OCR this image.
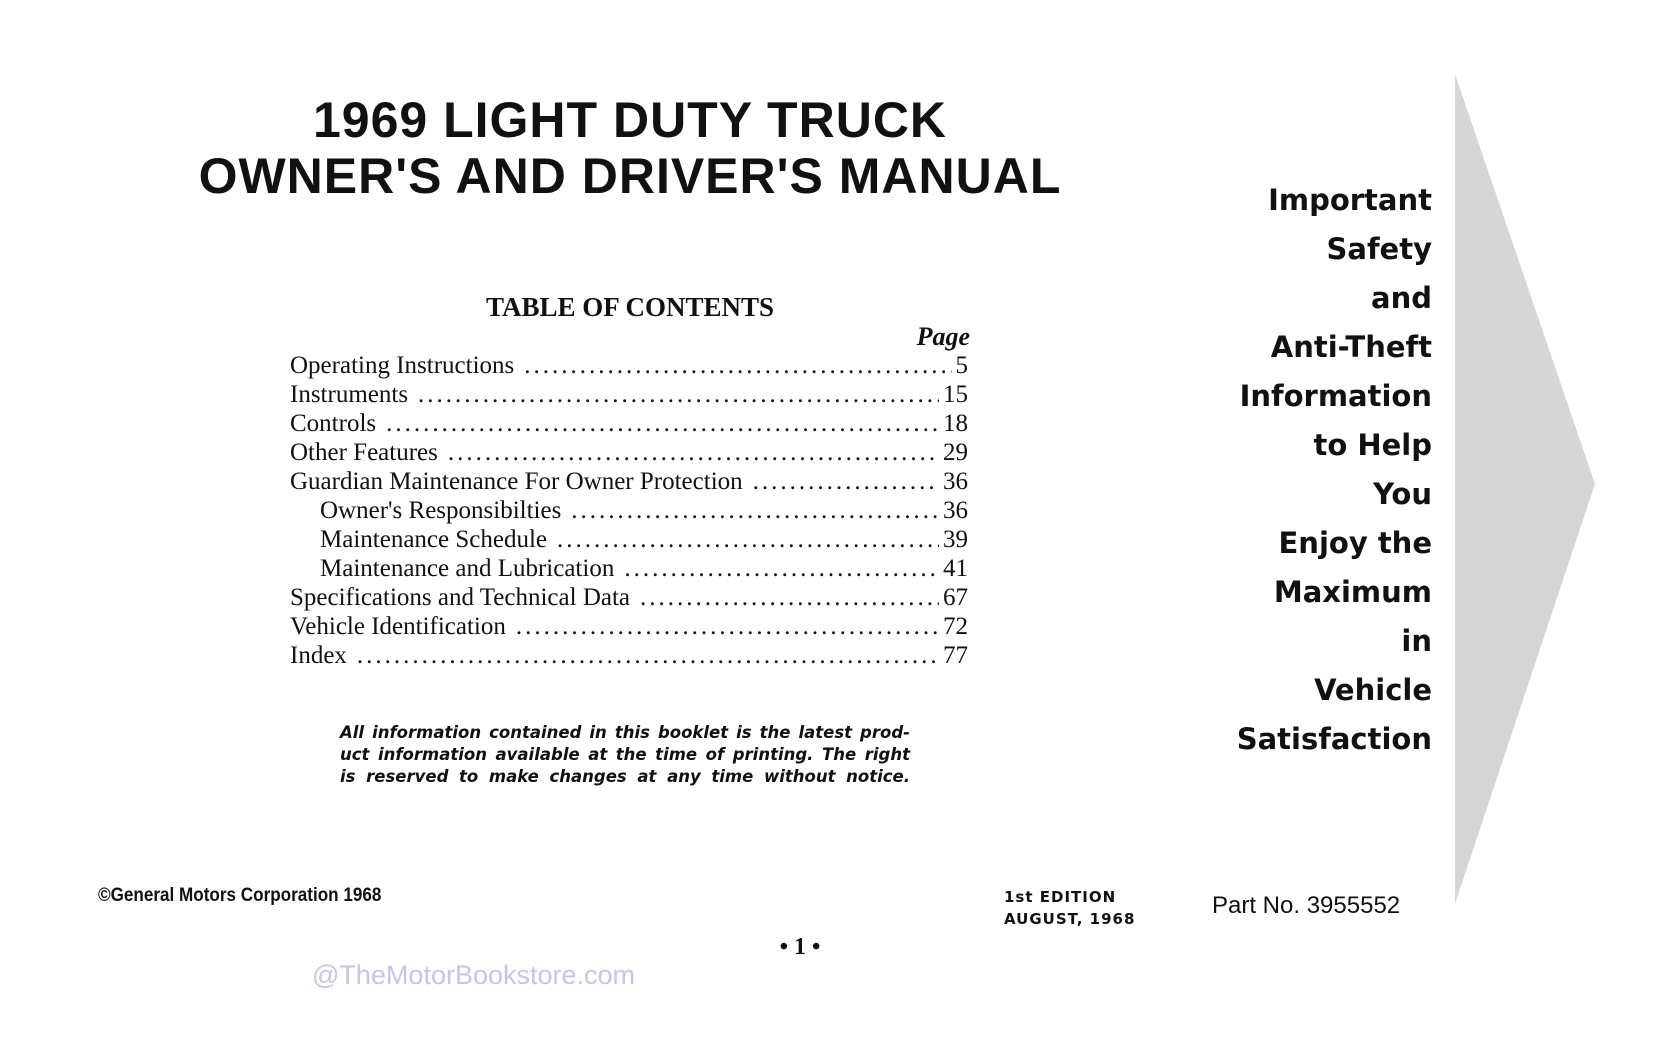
1969 LIGHT DUTY TRUCK
OWNER'S AND DRIVER'S MANUAL
TABLE OF CONTENTS
Page
Operating Instructions .....	5
Instruments .....	15
Controls .....	18
Other Features .....	29
Guardian Maintenance For Owner Protection .....	36
Owner's Responsibilties .....	36
Maintenance Schedule .....	39
Maintenance and Lubrication .....	41
Specifications and Technical Data .....	67
Vehicle Identification .....	72
Index .....	77
All information contained in this booklet is the latest prod-
uct information available at the time of printing. The right
is reserved to make changes at any time without notice.
Important
Safety
and
Anti-Theft
Information
to Help
You
Enjoy the
Maximum
in
Vehicle
Satisfaction
©General Motors Corporation 1968	1st EDITION
AUGUST, 1968	Part No. 3955552
• 1 •
@TheMotorBookstore.com
